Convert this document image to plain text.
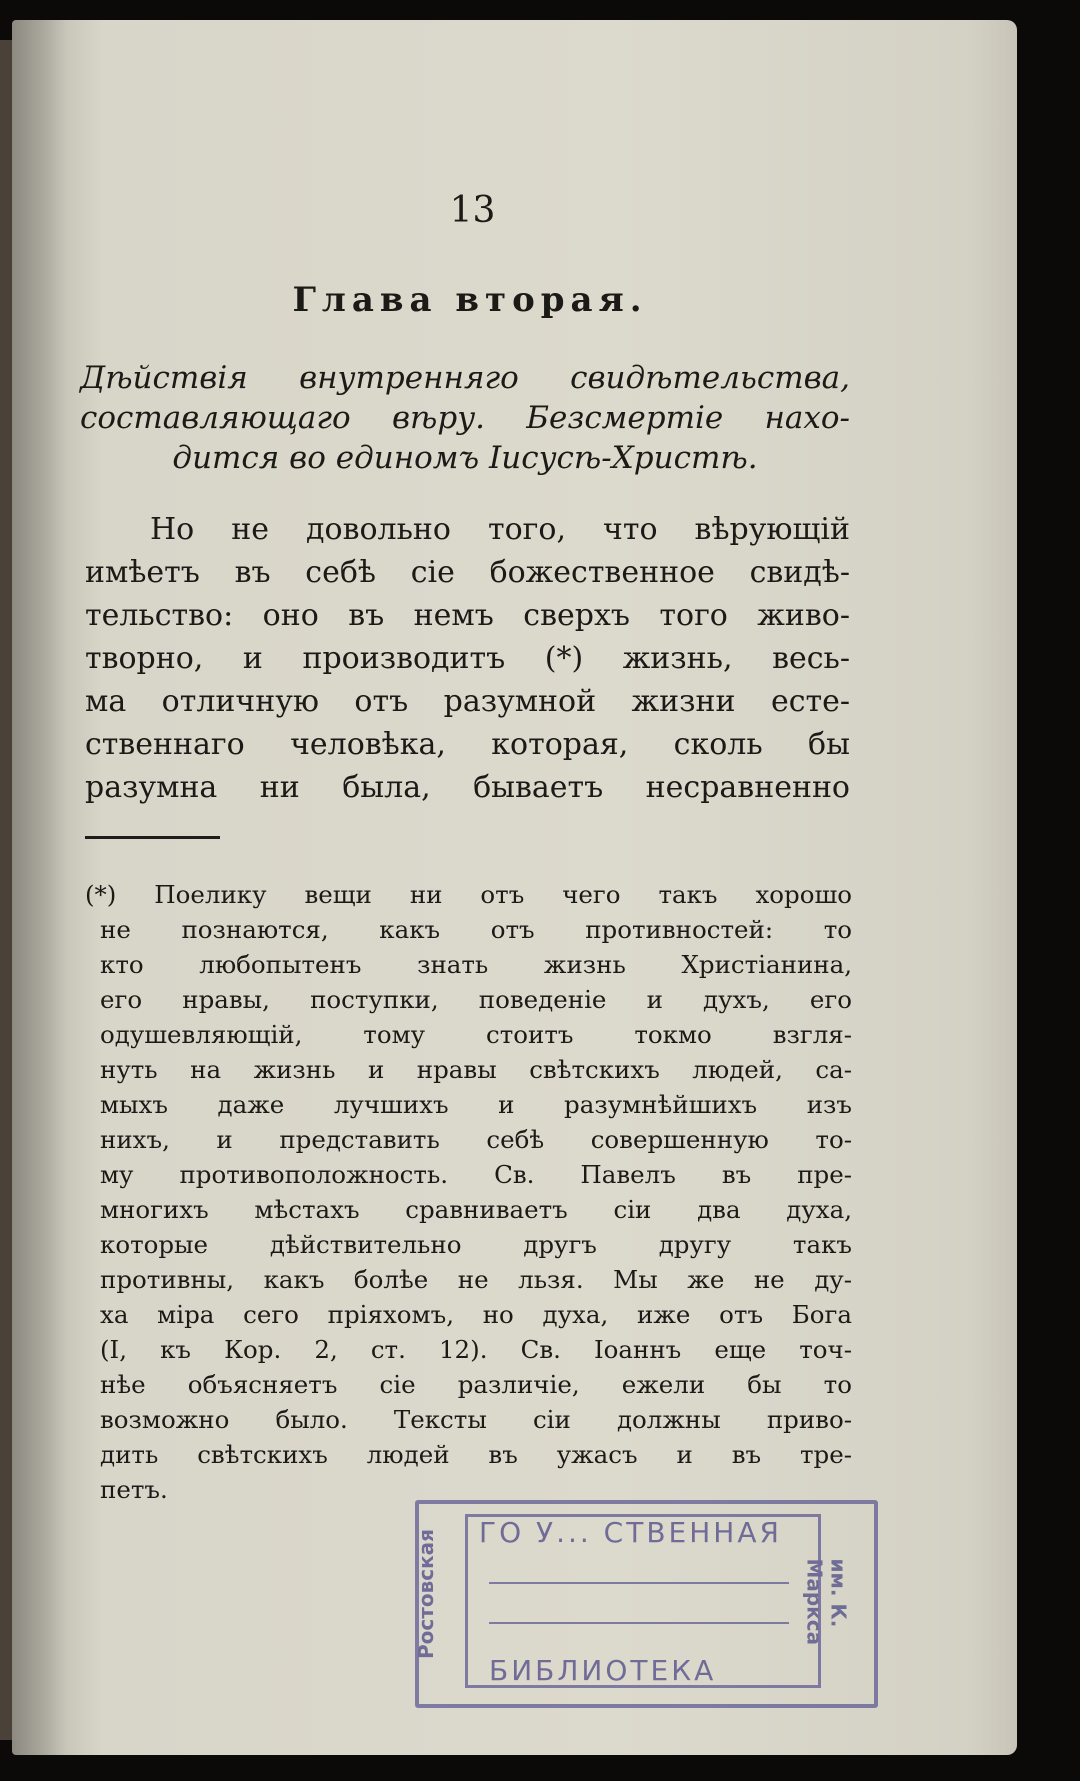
13
Глава вторая.
Дѣйствія внутренняго свидѣтельства,
составляющаго вѣру. Безсмертіе нахо-
дится во единомъ Іисусѣ-Христѣ.
Но не довольно того, что вѣрующій
имѣетъ въ себѣ сіе божественное свидѣ-
тельство: оно въ немъ сверхъ того живо-
творно, и производитъ (*) жизнь, весь-
ма отличную отъ разумной жизни есте-
ственнаго человѣка, которая, сколь бы
разумна ни была, бываетъ несравненно
(*) Поелику вещи ни отъ чего такъ хорошо
не познаются, какъ отъ противностей: то
кто любопытенъ знать жизнь Христіанина,
его нравы, поступки, поведеніе и духъ, его
одушевляющій, тому стоитъ токмо взгля-
нуть на жизнь и нравы свѣтскихъ людей, са-
мыхъ даже лучшихъ и разумнѣйшихъ изъ
нихъ, и представить себѣ совершенную то-
му противоположность. Св. Павелъ въ пре-
многихъ мѣстахъ сравниваетъ сіи два духа,
которые дѣйствительно другъ другу такъ
противны, какъ болѣе не льзя. Мы же не ду-
ха міра сего пріяхомъ, но духа, иже отъ Бога
(I, къ Кор. 2, ст. 12). Св. Іоаннъ еще точ-
нѣе объясняетъ сіе различіе, ежели бы то
возможно было. Тексты сіи должны приво-
дить свѣтскихъ людей въ ужасъ и въ тре-
петъ.
ГО У... СТВЕННАЯ
БИБЛИОТЕКА
Ростовская	им. К. Маркса
